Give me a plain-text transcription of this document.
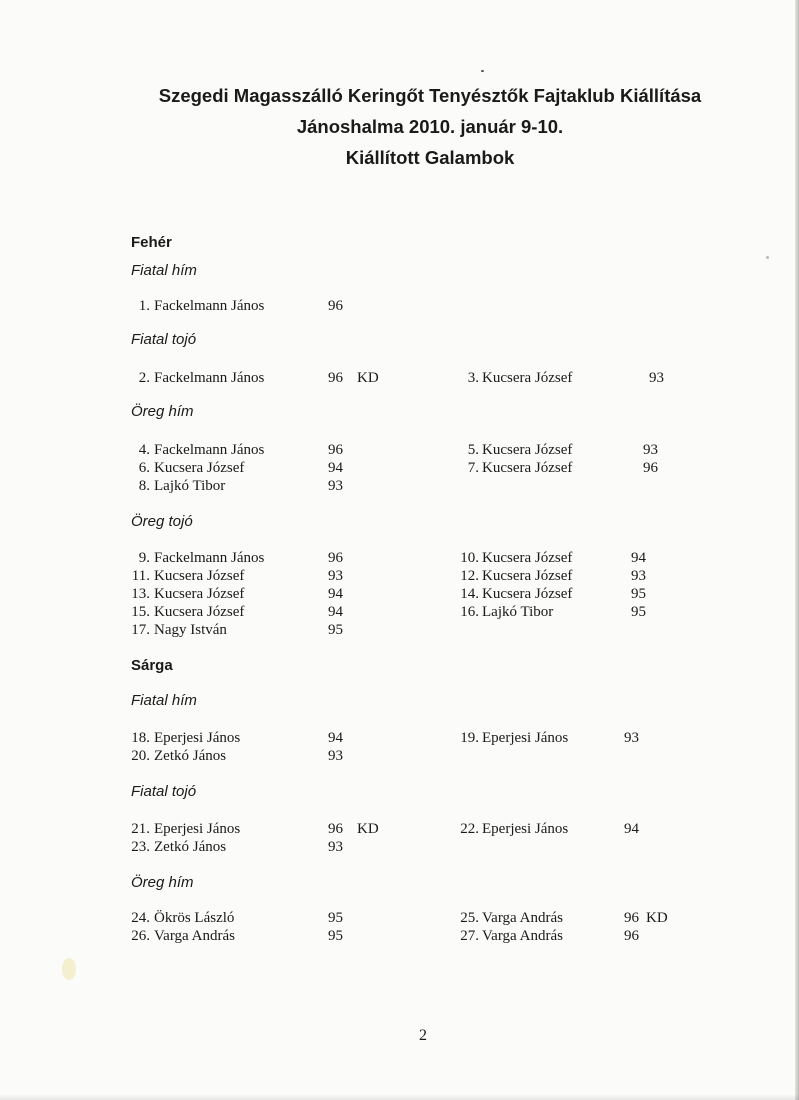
Szegedi Magasszálló Keringőt Tenyésztők Fajtaklub Kiállítása
Jánoshalma 2010. január 9-10.
Kiállított Galambok
Fehér
Fiatal hím
1. Fackelmann János	96
Fiatal tojó
2. Fackelmann János	96 KD	3. Kucsera József	93
Öreg hím
4. Fackelmann János	96	5. Kucsera József	93
6. Kucsera József	94	7. Kucsera József	96
8. Lajkó Tibor	93
Öreg tojó
9. Fackelmann János	96	10. Kucsera József	94
11. Kucsera József	93	12. Kucsera József	93
13. Kucsera József	94	14. Kucsera József	95
15. Kucsera József	94	16. Lajkó Tibor	95
17. Nagy István	95
Sárga
Fiatal hím
18. Eperjesi János	94	19. Eperjesi János	93
20. Zetkó János	93
Fiatal tojó
21. Eperjesi János	96 KD	22. Eperjesi János	94
23. Zetkó János	93
Öreg hím
24. Ökrös László	95	25. Varga András	96 KD
26. Varga András	95	27. Varga András	96
2
